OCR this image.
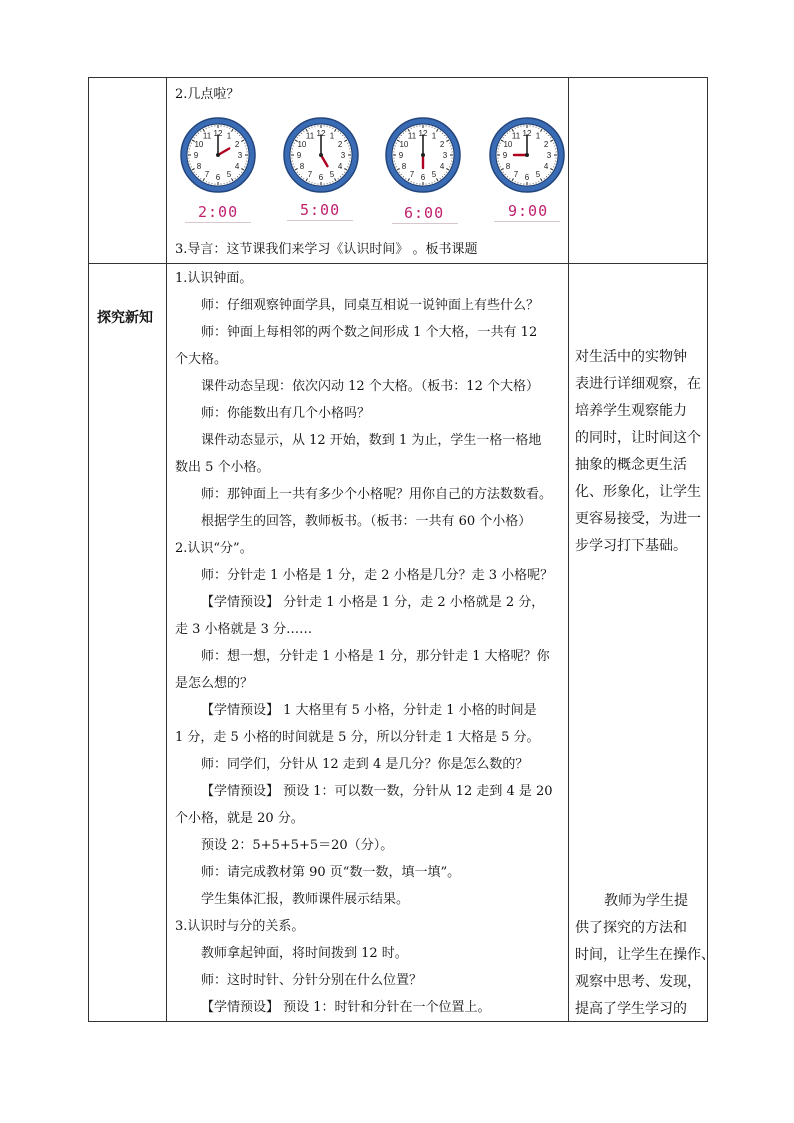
2.几点啦？
1
2
3
4
5
6
7
8
9
10
11 12	1
2
3
4
5
6
7
8
9
10
11 12	1
2
3
4
5
6
7
8
9
10
11 12	1
2
3
4
5
6
7
8
9
10
11 12
2:00	5:00	6:00	9:00
3.导言：这节课我们来学习《认识时间》 。板书课题
探究新知
1.认识钟面。
师：仔细观察钟面学具，同桌互相说一说钟面上有些什么？
师：钟面上每相邻的两个数之间形成 1 个大格，一共有 12
个大格。
课件动态呈现：依次闪动 12 个大格。（板书：12 个大格）
师：你能数出有几个小格吗？
课件动态显示，从 12 开始，数到 1 为止，学生一格一格地
数出 5 个小格。
师：那钟面上一共有多少个小格呢？用你自己的方法数数看。
根据学生的回答，教师板书。（板书：一共有 60 个小格）
2.认识“分”。
师：分针走 1 小格是 1 分，走 2 小格是几分？走 3 小格呢？
【学情预设】 分针走 1 小格是 1 分，走 2 小格就是 2 分，
走 3 小格就是 3 分……
师：想一想，分针走 1 小格是 1 分，那分针走 1 大格呢？你
是怎么想的？
【学情预设】 1 大格里有 5 小格，分针走 1 小格的时间是
1 分，走 5 小格的时间就是 5 分，所以分针走 1 大格是 5 分。
师：同学们，分针从 12 走到 4 是几分？你是怎么数的？
【学情预设】 预设 1：可以数一数，分针从 12 走到 4 是 20
个小格，就是 20 分。
预设 2：5+5+5+5＝20（分）。
师：请完成教材第 90 页“数一数，填一填”。
学生集体汇报，教师课件展示结果。
3.认识时与分的关系。
教师拿起钟面，将时间拨到 12 时。
师：这时时针、分针分别在什么位置？
【学情预设】 预设 1：时针和分针在一个位置上。
对生活中的实物钟
表进行详细观察，在
培养学生观察能力
的同时，让时间这个
抽象的概念更生活
化、形象化，让学生
更容易接受，为进一
步学习打下基础。
教师为学生提
供了探究的方法和
时间，让学生在操作、
观察中思考、发现，
提高了学生学习的
